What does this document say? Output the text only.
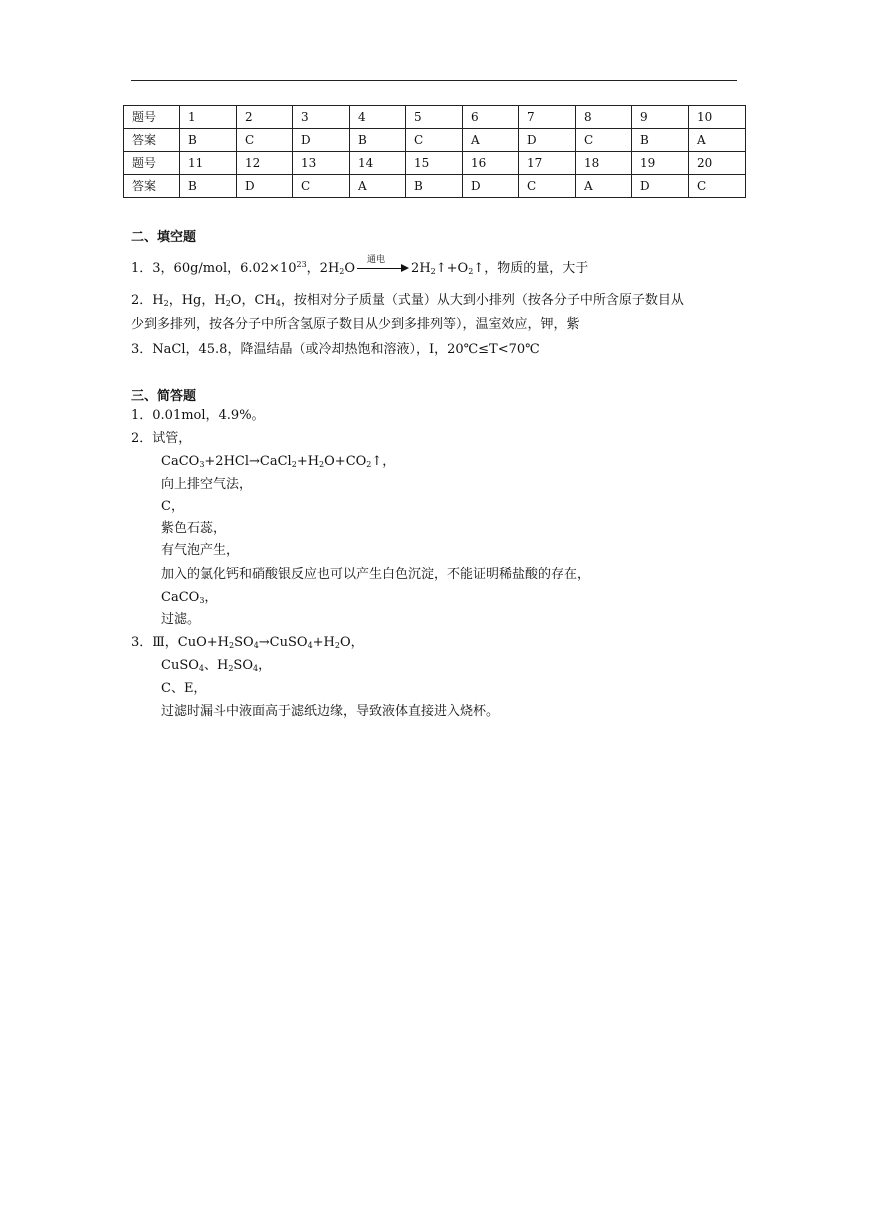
题号	1	2	3	4	5	6	7	8	9	10
答案	B	C	D	B	C	A	D	C	B	A
题号	11	12	13	14	15	16	17	18	19	20
答案	B	D	C	A	B	D	C	A	D	C
二、填空题
1．3，60g/mol，$6.02\times 10^{23}$，$2H_2O$
通电
$2H_2↑+O_2↑$，物质的量，大于
2．$H_2$，Hg，$H_2O$，$CH_4$，按相对分子质量（式量）从大到小排列（按各分子中所含原子数目从
少到多排列，按各分子中所含氢原子数目从少到多排列等），温室效应，钾，紫
3．NaCl，45.8，降温结晶（或冷却热饱和溶液），I，20℃≤T<70℃
三、简答题
1．0.01mol，4.9%。
2．试管，
$CaCO_3+2HCl\to CaCl_2+H_2O+CO_2↑$，
向上排空气法，
C，
紫色石蕊，
有气泡产生，
加入的氯化钙和硝酸银反应也可以产生白色沉淀，不能证明稀盐酸的存在，
CaCO$_3$，
过滤。
3．Ⅲ，$CuO+H_2SO_4\to CuSO_4+H_2O$，
CuSO$_4$、$H_2SO_4$，
C、E，
过滤时漏斗中液面高于滤纸边缘，导致液体直接进入烧杯。
